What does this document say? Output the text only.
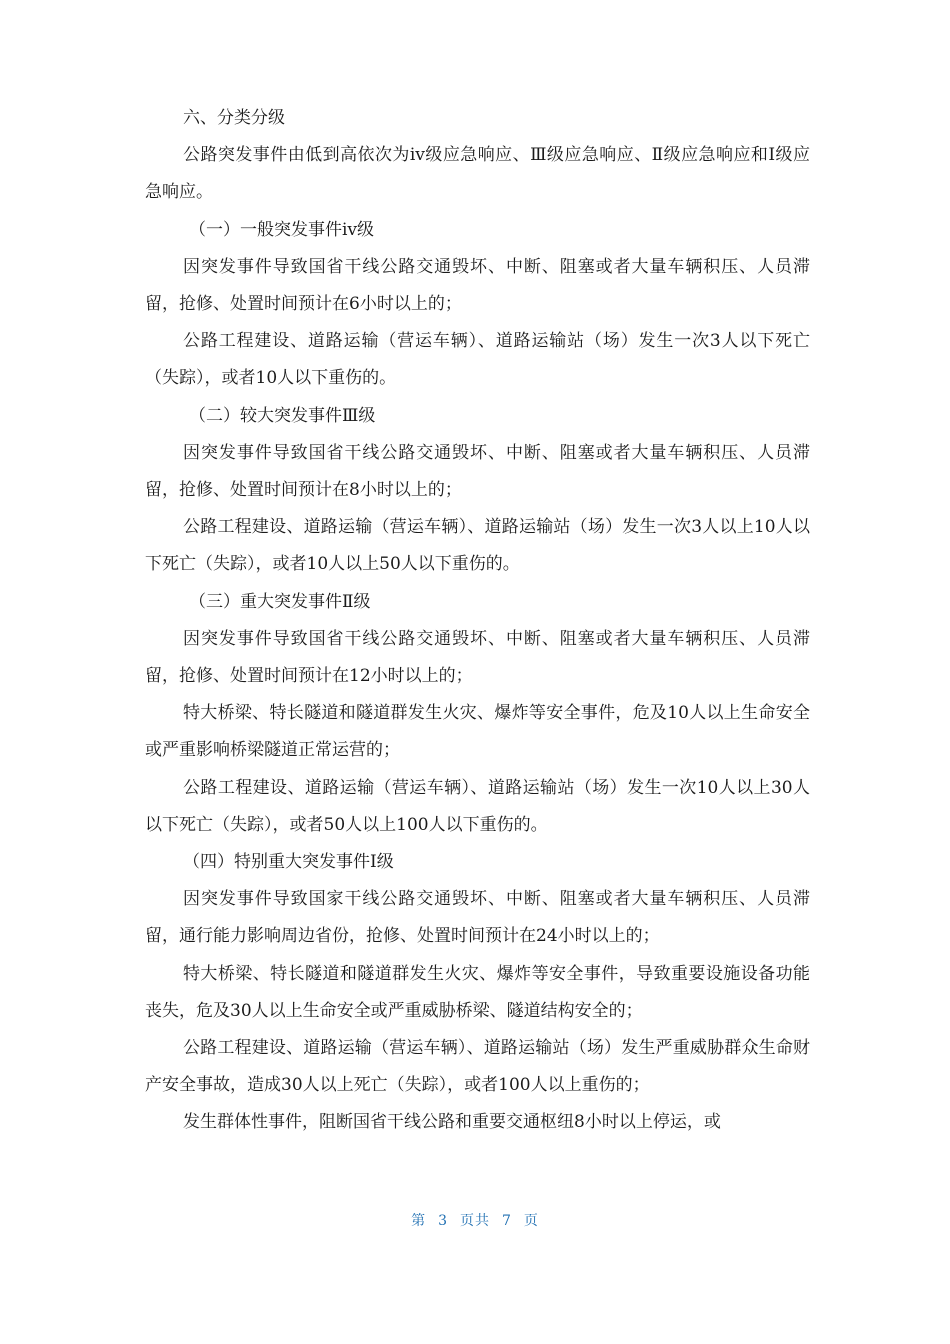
六、分类分级

公路突发事件由低到高依次为ⅳ级应急响应、Ⅲ级应急响应、Ⅱ级应急响应和Ⅰ级应急响应。

（一）一般突发事件ⅳ级

因突发事件导致国省干线公路交通毁坏、中断、阻塞或者大量车辆积压、人员滞留，抢修、处置时间预计在6小时以上的；

公路工程建设、道路运输（营运车辆）、道路运输站（场）发生一次3人以下死亡（失踪），或者10人以下重伤的。

（二）较大突发事件Ⅲ级

因突发事件导致国省干线公路交通毁坏、中断、阻塞或者大量车辆积压、人员滞留，抢修、处置时间预计在8小时以上的；

公路工程建设、道路运输（营运车辆）、道路运输站（场）发生一次3人以上10人以下死亡（失踪），或者10人以上50人以下重伤的。

（三）重大突发事件Ⅱ级

因突发事件导致国省干线公路交通毁坏、中断、阻塞或者大量车辆积压、人员滞留，抢修、处置时间预计在12小时以上的；

特大桥梁、特长隧道和隧道群发生火灾、爆炸等安全事件，危及10人以上生命安全或严重影响桥梁隧道正常运营的；

公路工程建设、道路运输（营运车辆）、道路运输站（场）发生一次10人以上30人以下死亡（失踪），或者50人以上100人以下重伤的。

（四）特别重大突发事件Ⅰ级

因突发事件导致国家干线公路交通毁坏、中断、阻塞或者大量车辆积压、人员滞留，通行能力影响周边省份，抢修、处置时间预计在24小时以上的；

特大桥梁、特长隧道和隧道群发生火灾、爆炸等安全事件，导致重要设施设备功能丧失，危及30人以上生命安全或严重威胁桥梁、隧道结构安全的；

公路工程建设、道路运输（营运车辆）、道路运输站（场）发生严重威胁群众生命财产安全事故，造成30人以上死亡（失踪），或者100人以上重伤的；

发生群体性事件，阻断国省干线公路和重要交通枢纽8小时以上停运，或

第 3 页共 7 页
